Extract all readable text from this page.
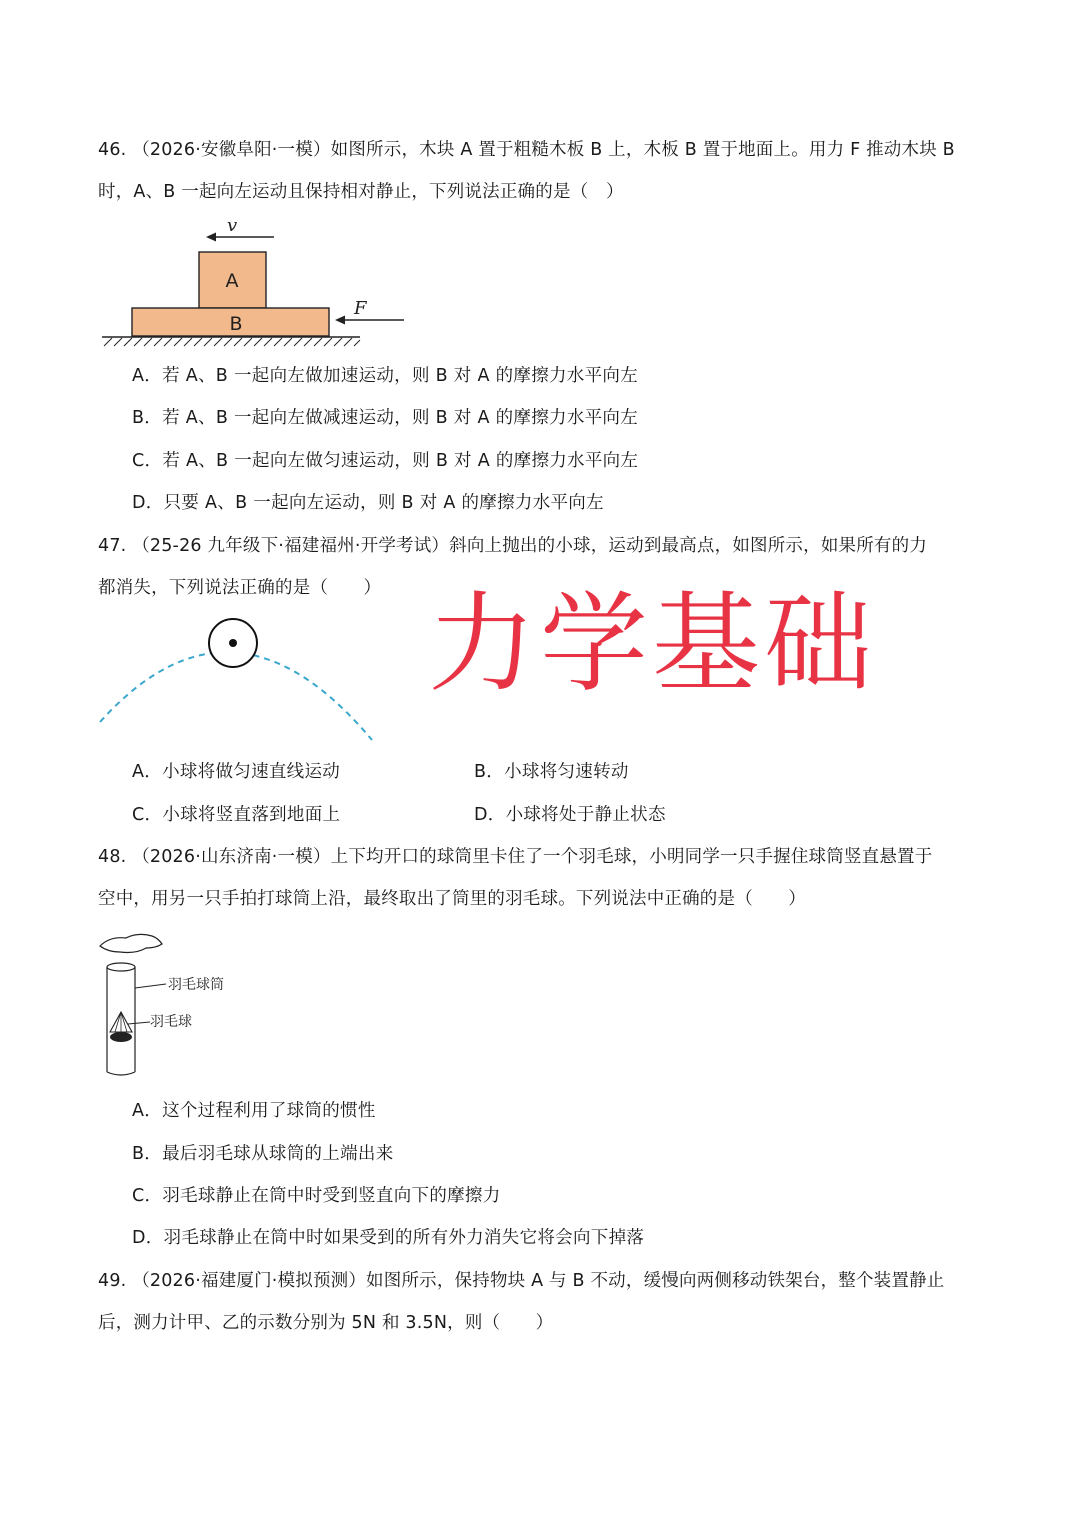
46. （2026·安徽阜阳·一模）如图所示，木块 A 置于粗糙木板 B 上，木板 B 置于地面上。用力 F 推动木块 B

时，A、B 一起向左运动且保持相对静止，下列说法正确的是（　）

v
A
B
F
A．若 A、B 一起向左做加速运动，则 B 对 A 的摩擦力水平向左
B．若 A、B 一起向左做减速运动，则 B 对 A 的摩擦力水平向左
C．若 A、B 一起向左做匀速运动，则 B 对 A 的摩擦力水平向左
D．只要 A、B 一起向左运动，则 B 对 A 的摩擦力水平向左

47. （25-26 九年级下·福建福州·开学考试）斜向上抛出的小球，运动到最高点，如图所示，如果所有的力

都消失，下列说法正确的是（　　） 力学基础
A．小球将做匀速直线运动	B．小球将匀速转动
C．小球将竖直落到地面上	D．小球将处于静止状态

48. （2026·山东济南·一模）上下均开口的球筒里卡住了一个羽毛球，小明同学一只手握住球筒竖直悬置于

空中，用另一只手拍打球筒上沿，最终取出了筒里的羽毛球。下列说法中正确的是（　　）

羽毛球筒
羽毛球
A．这个过程利用了球筒的惯性
B．最后羽毛球从球筒的上端出来
C．羽毛球静止在筒中时受到竖直向下的摩擦力
D．羽毛球静止在筒中时如果受到的所有外力消失它将会向下掉落

49. （2026·福建厦门·模拟预测）如图所示，保持物块 A 与 B 不动，缓慢向两侧移动铁架台，整个装置静止

后，测力计甲、乙的示数分别为 5N 和 3.5N，则（　　）
